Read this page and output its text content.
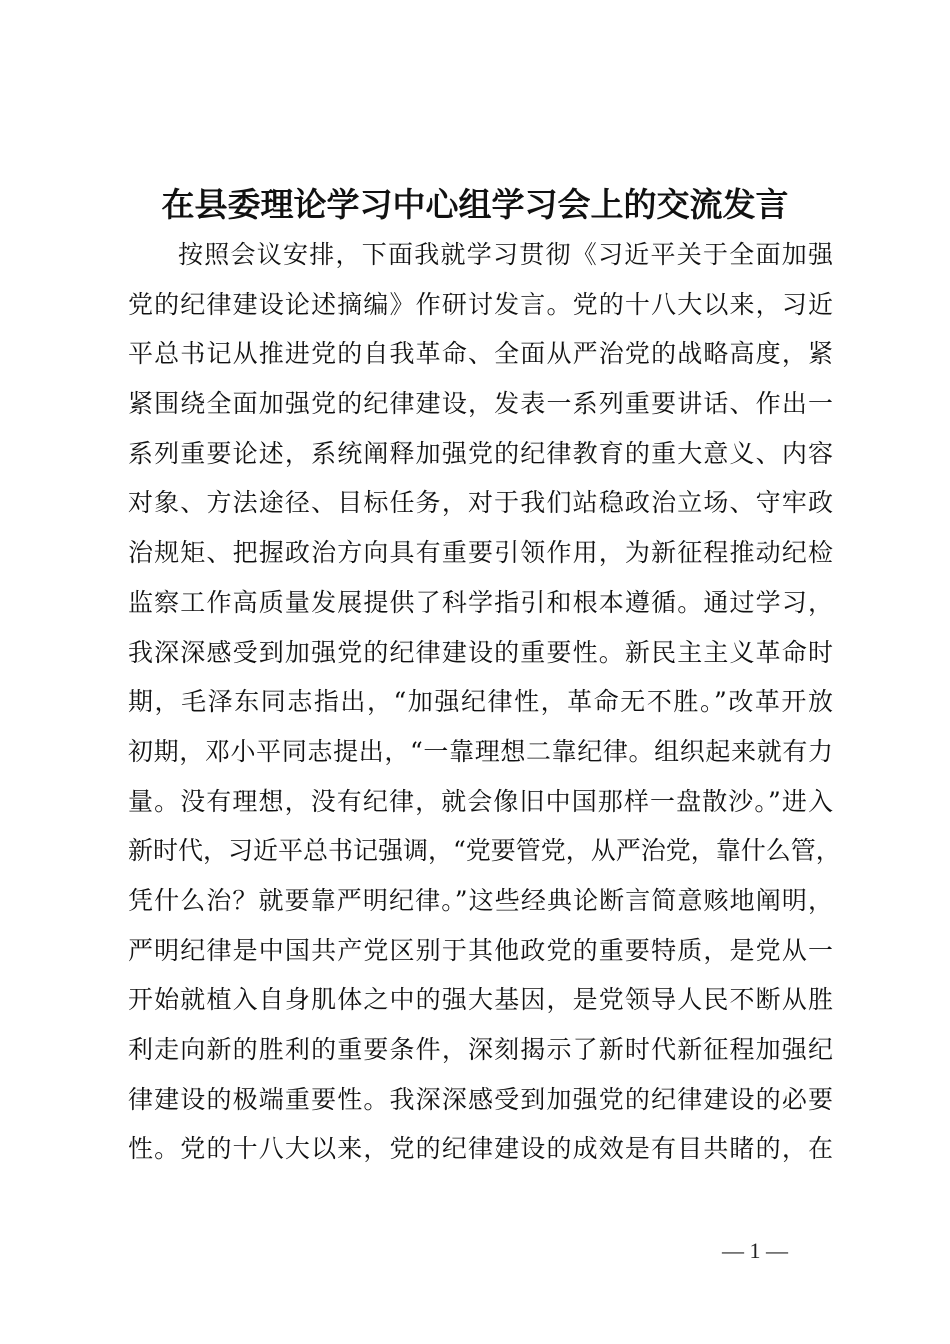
在县委理论学习中心组学习会上的交流发言
按照会议安排，下面我就学习贯彻《习近平关于全面加强
党的纪律建设论述摘编》作研讨发言。党的十八大以来，习近
平总书记从推进党的自我革命、全面从严治党的战略高度，紧
紧围绕全面加强党的纪律建设，发表一系列重要讲话、作出一
系列重要论述，系统阐释加强党的纪律教育的重大意义、内容
对象、方法途径、目标任务，对于我们站稳政治立场、守牢政
治规矩、把握政治方向具有重要引领作用，为新征程推动纪检
监察工作高质量发展提供了科学指引和根本遵循。通过学习，
我深深感受到加强党的纪律建设的重要性。新民主主义革命时
期，毛泽东同志指出，“加强纪律性，革命无不胜。”改革开放
初期，邓小平同志提出，“一靠理想二靠纪律。组织起来就有力
量。没有理想，没有纪律，就会像旧中国那样一盘散沙。”进入
新时代，习近平总书记强调，“党要管党，从严治党，靠什么管，
凭什么治？就要靠严明纪律。”这些经典论断言简意赅地阐明，
严明纪律是中国共产党区别于其他政党的重要特质，是党从一
开始就植入自身肌体之中的强大基因，是党领导人民不断从胜
利走向新的胜利的重要条件，深刻揭示了新时代新征程加强纪
律建设的极端重要性。我深深感受到加强党的纪律建设的必要
性。党的十八大以来，党的纪律建设的成效是有目共睹的，在
— 1 —
